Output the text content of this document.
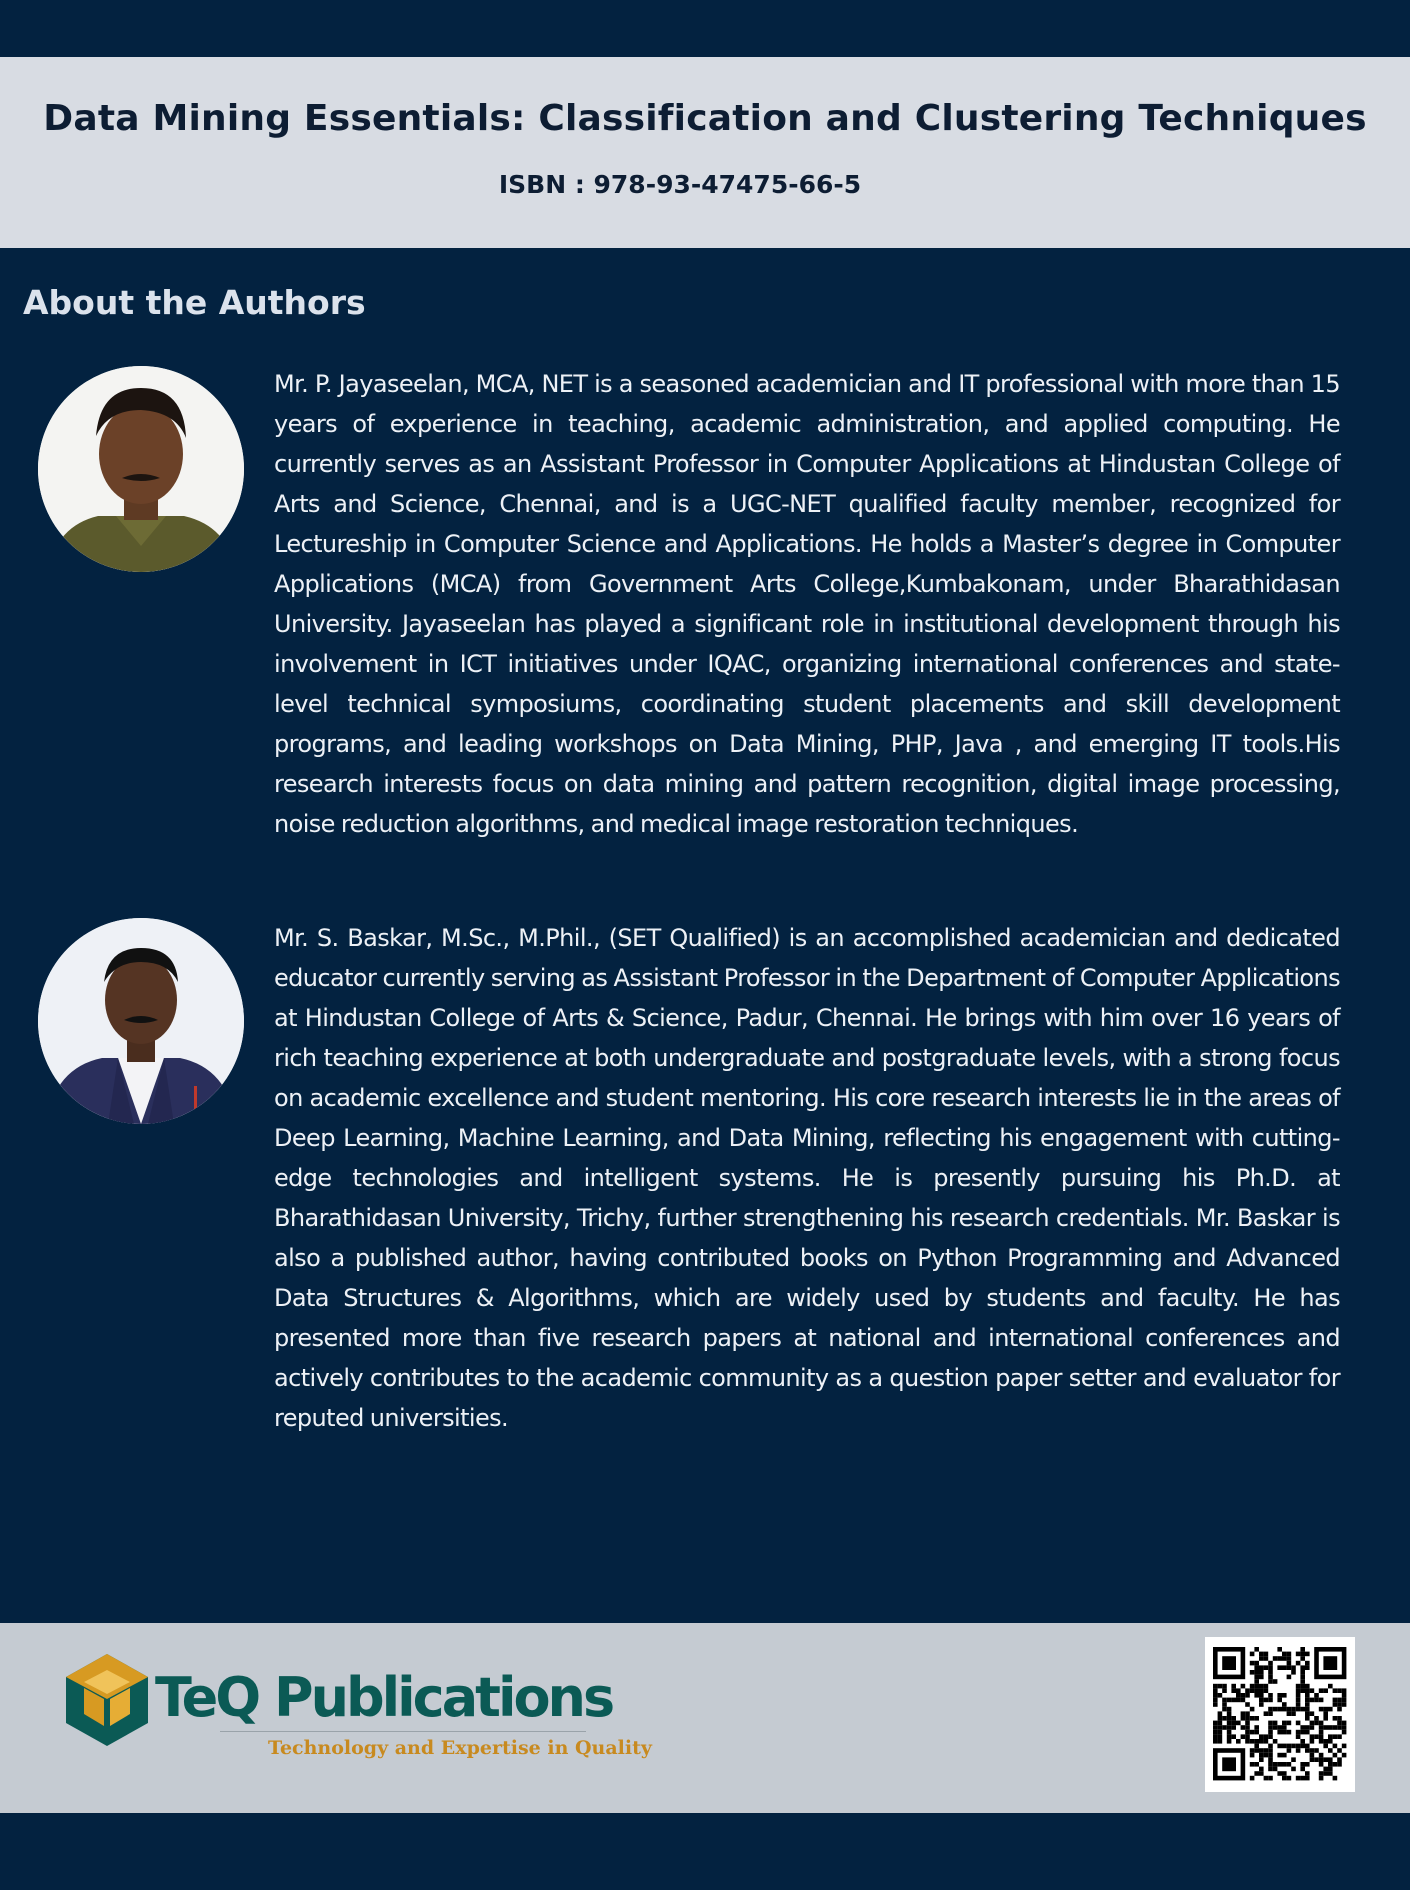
Data Mining Essentials: Classification and Clustering Techniques
ISBN : 978-93-47475-66-5
About the Authors

Mr. P. Jayaseelan, MCA, NET is a seasoned academician and IT professional with more than 15 years of experience in teaching, academic administration, and applied computing. He currently serves as an Assistant Professor in Computer Applications at Hindustan College of Arts and Science, Chennai, and is a UGC-NET qualified faculty member, recognized for Lectureship in Computer Science and Applications. He holds a Master’s degree in Computer Applications (MCA) from Government Arts College,Kumbakonam, under Bharathidasan University. Jayaseelan has played a significant role in institutional development through his involvement in ICT initiatives under IQAC, organizing international conferences and state-level technical symposiums, coordinating student placements and skill development programs, and leading workshops on Data Mining, PHP, Java , and emerging IT tools.His research interests focus on data mining and pattern recognition, digital image processing, noise reduction algorithms, and medical image restoration techniques.

Mr. S. Baskar, M.Sc., M.Phil., (SET Qualified) is an accomplished academician and dedicated educator currently serving as Assistant Professor in the Department of Computer Applications at Hindustan College of Arts & Science, Padur, Chennai. He brings with him over 16 years of rich teaching experience at both undergraduate and postgraduate levels, with a strong focus on academic excellence and student mentoring. His core research interests lie in the areas of Deep Learning, Machine Learning, and Data Mining, reflecting his engagement with cutting-edge technologies and intelligent systems. He is presently pursuing his Ph.D. at Bharathidasan University, Trichy, further strengthening his research credentials. Mr. Baskar is also a published author, having contributed books on Python Programming and Advanced Data Structures & Algorithms, which are widely used by students and faculty. He has presented more than five research papers at national and international conferences and actively contributes to the academic community as a question paper setter and evaluator for reputed universities.

TeQ Publications
Technology and Expertise in Quality
